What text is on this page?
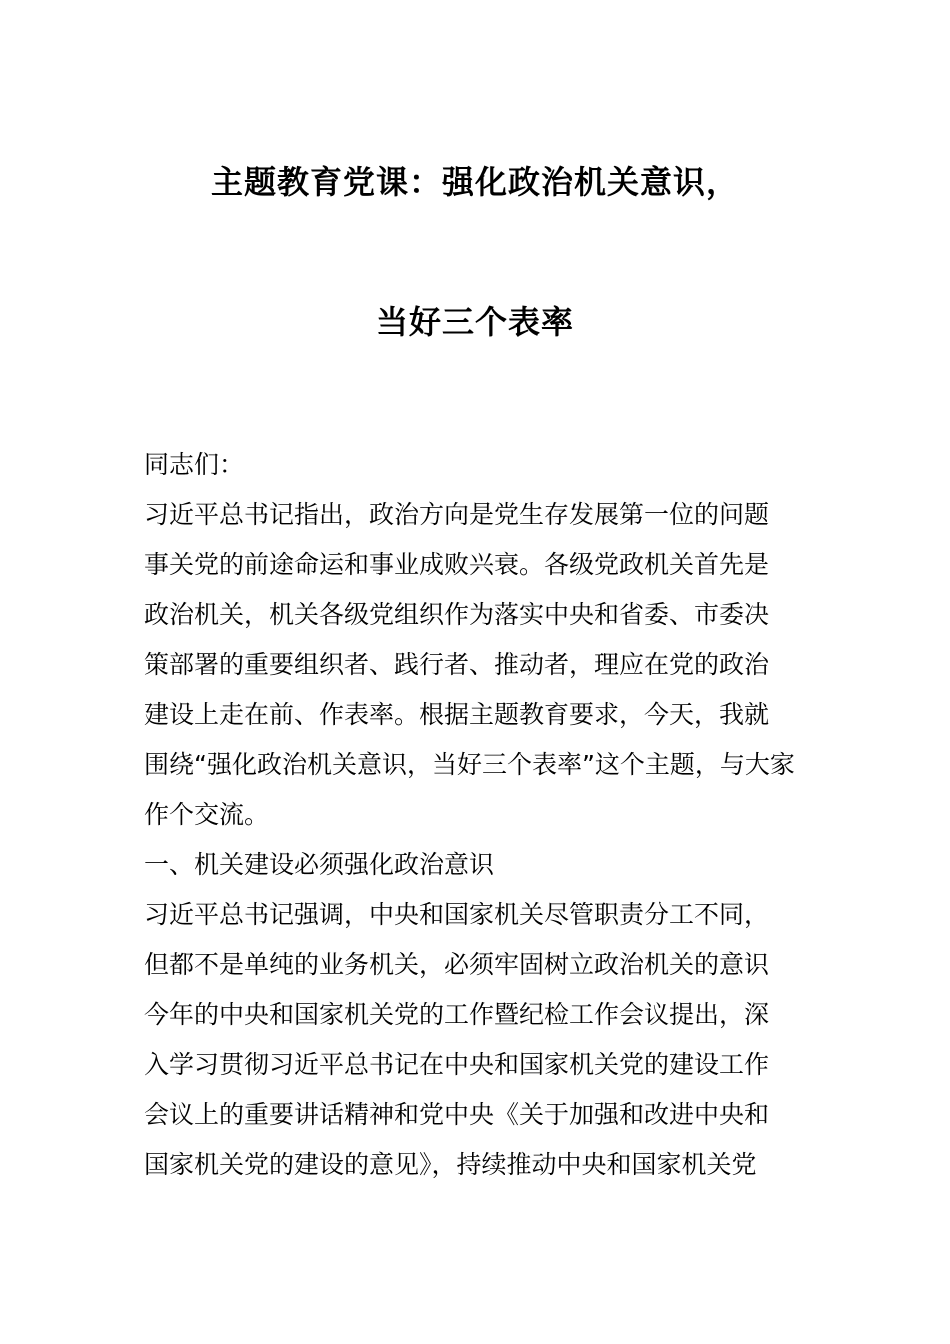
主题教育党课：强化政治机关意识，
当好三个表率
同志们：
习近平总书记指出，政治方向是党生存发展第一位的问题
事关党的前途命运和事业成败兴衰。各级党政机关首先是
政治机关，机关各级党组织作为落实中央和省委、市委决
策部署的重要组织者、践行者、推动者，理应在党的政治
建设上走在前、作表率。根据主题教育要求，今天，我就
围绕“强化政治机关意识，当好三个表率”这个主题，与大家
作个交流。
一、机关建设必须强化政治意识
习近平总书记强调，中央和国家机关尽管职责分工不同，
但都不是单纯的业务机关，必须牢固树立政治机关的意识
今年的中央和国家机关党的工作暨纪检工作会议提出，深
入学习贯彻习近平总书记在中央和国家机关党的建设工作
会议上的重要讲话精神和党中央《关于加强和改进中央和
国家机关党的建设的意见》，持续推动中央和国家机关党
